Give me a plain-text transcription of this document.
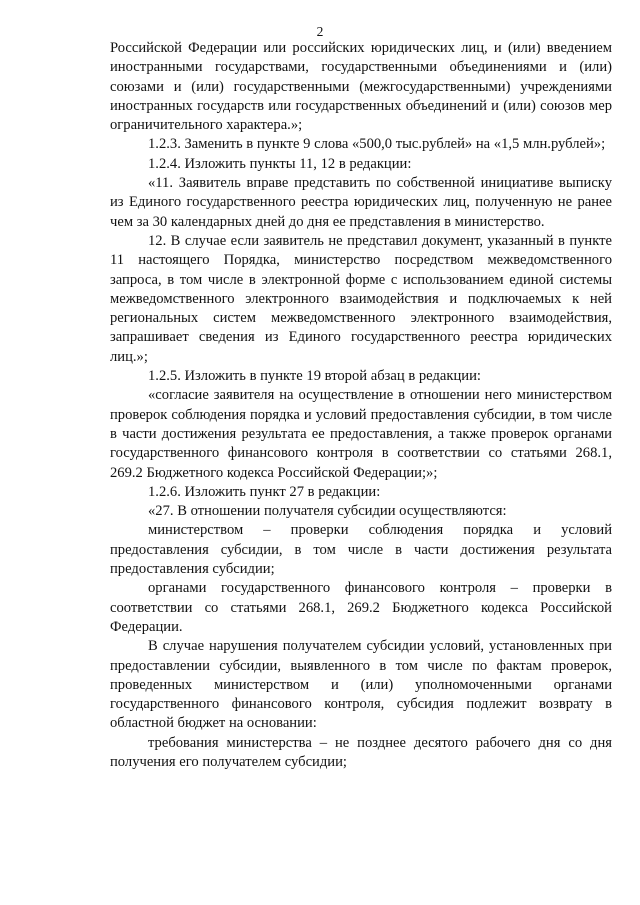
2

Российской Федерации или российских юридических лиц, и (или) введением иностранными государствами, государственными объединениями и (или) союзами и (или) государственными (межгосударственными) учреждениями иностранных государств или государственных объединений и (или) союзов мер ограничительного характера.»;

1.2.3. Заменить в пункте 9 слова «500,0 тыс.рублей» на «1,5 млн.рублей»;

1.2.4. Изложить пункты 11, 12 в редакции:

«11. Заявитель вправе представить по собственной инициативе выписку из Единого государственного реестра юридических лиц, полученную не ранее чем за 30 календарных дней до дня ее представления в министерство.

12. В случае если заявитель не представил документ, указанный в пункте 11 настоящего Порядка, министерство посредством межведомственного запроса, в том числе в электронной форме с использованием единой системы межведомственного электронного взаимодействия и подключаемых к ней региональных систем межведомственного электронного взаимодействия, запрашивает сведения из Единого государственного реестра юридических лиц.»;

1.2.5. Изложить в пункте 19 второй абзац в редакции:

«согласие заявителя на осуществление в отношении него министерством проверок соблюдения порядка и условий предоставления субсидии, в том числе в части достижения результата ее предоставления, а также проверок органами государственного финансового контроля в соответствии со статьями 268.1, 269.2 Бюджетного кодекса Российской Федерации;»;

1.2.6. Изложить пункт 27 в редакции:

«27. В отношении получателя субсидии осуществляются:

министерством – проверки соблюдения порядка и условий предоставления субсидии, в том числе в части достижения результата предоставления субсидии;

органами государственного финансового контроля – проверки в соответствии со статьями 268.1, 269.2 Бюджетного кодекса Российской Федерации.

В случае нарушения получателем субсидии условий, установленных при предоставлении субсидии, выявленного в том числе по фактам проверок, проведенных министерством и (или) уполномоченными органами государственного финансового контроля, субсидия подлежит возврату в областной бюджет на основании:

требования министерства – не позднее десятого рабочего дня со дня получения его получателем субсидии;
